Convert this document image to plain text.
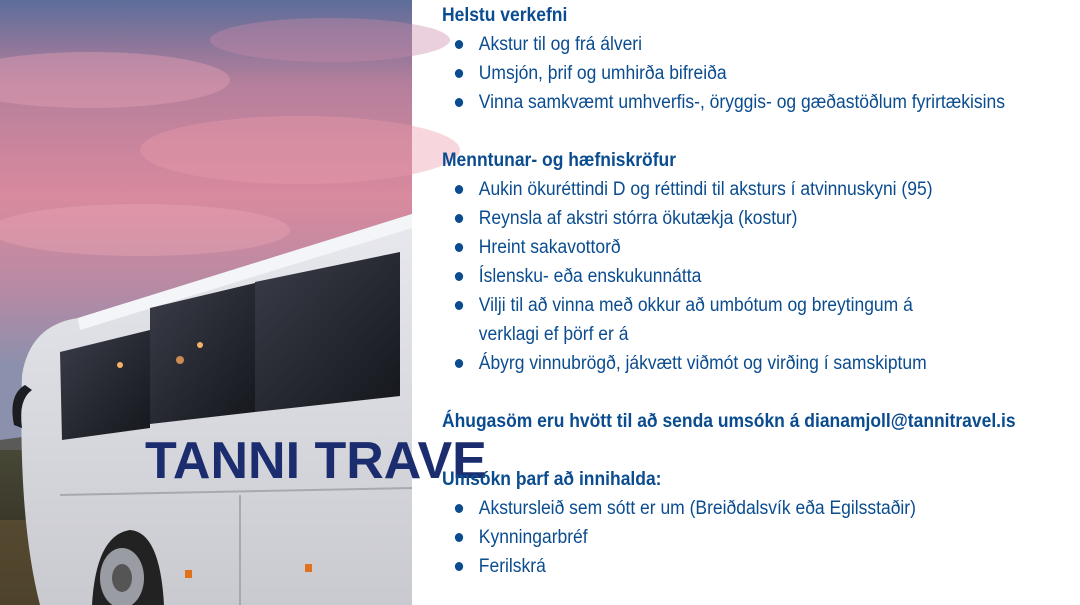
TANNI TRAVE
Helstu verkefni
Akstur til og frá álveri
Umsjón, þrif og umhirða bifreiða
Vinna samkvæmt umhverfis-, öryggis- og gæðastöðlum fyrirtækisins
Menntunar- og hæfniskröfur
Aukin ökuréttindi D og réttindi til aksturs í atvinnuskyni (95)
Reynsla af akstri stórra ökutækja (kostur)
Hreint sakavottorð
Íslensku- eða enskukunnátta
Vilji til að vinna með okkur að umbótum og breytingum á
verklagi ef þörf er á
Ábyrg vinnubrögð, jákvætt viðmót og virðing í samskiptum
Áhugasöm eru hvött til að senda umsókn á dianamjoll@tannitravel.is
Umsókn þarf að innihalda:
Akstursleið sem sótt er um (Breiðdalsvík eða Egilsstaðir)
Kynningarbréf
Ferilskrá
